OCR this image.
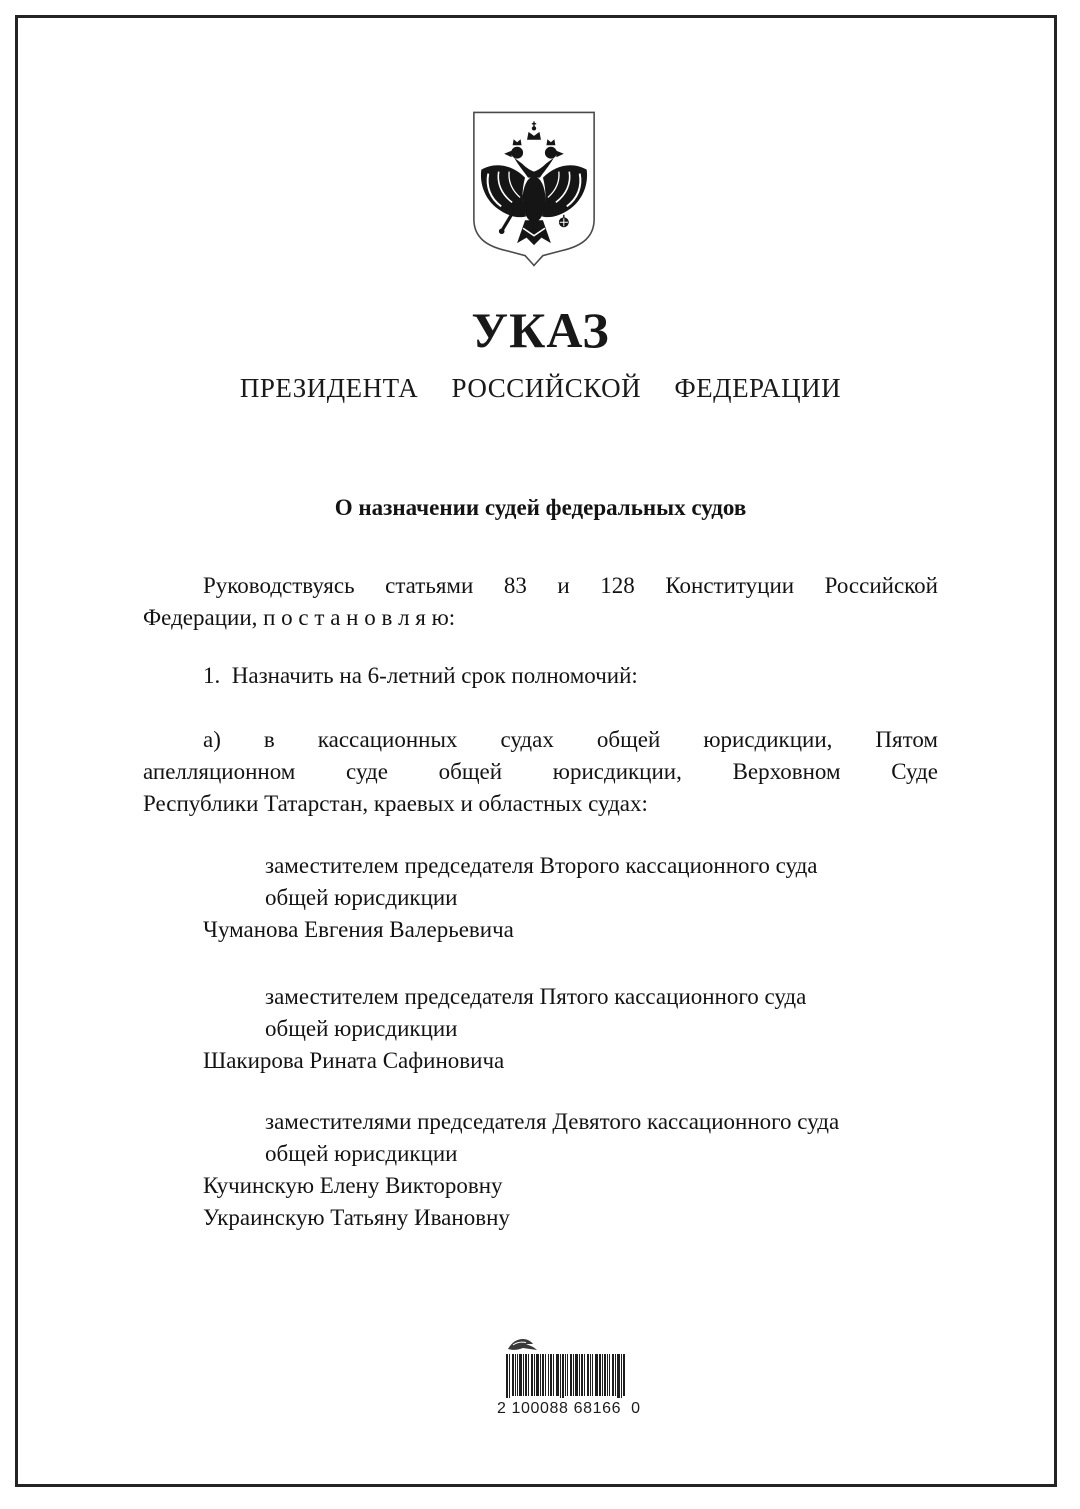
УКАЗ
ПРЕЗИДЕНТА РОССИЙСКОЙ ФЕДЕРАЦИИ
О назначении судей федеральных судов
Руководствуясь статьями 83 и 128 Конституции Российской
Федерации, п о с т а н о в л я ю:
1.  Назначить на 6-летний срок полномочий:
а) в кассационных судах общей юрисдикции, Пятом
апелляционном суде общей юрисдикции, Верховном Суде
Республики Татарстан, краевых и областных судах:
заместителем председателя Второго кассационного суда
общей юрисдикции
Чуманова Евгения Валерьевича
заместителем председателя Пятого кассационного суда
общей юрисдикции
Шакирова Рината Сафиновича
заместителями председателя Девятого кассационного суда
общей юрисдикции
Кучинскую Елену Викторовну
Украинскую Татьяну Ивановну
2 100088 68166  0
